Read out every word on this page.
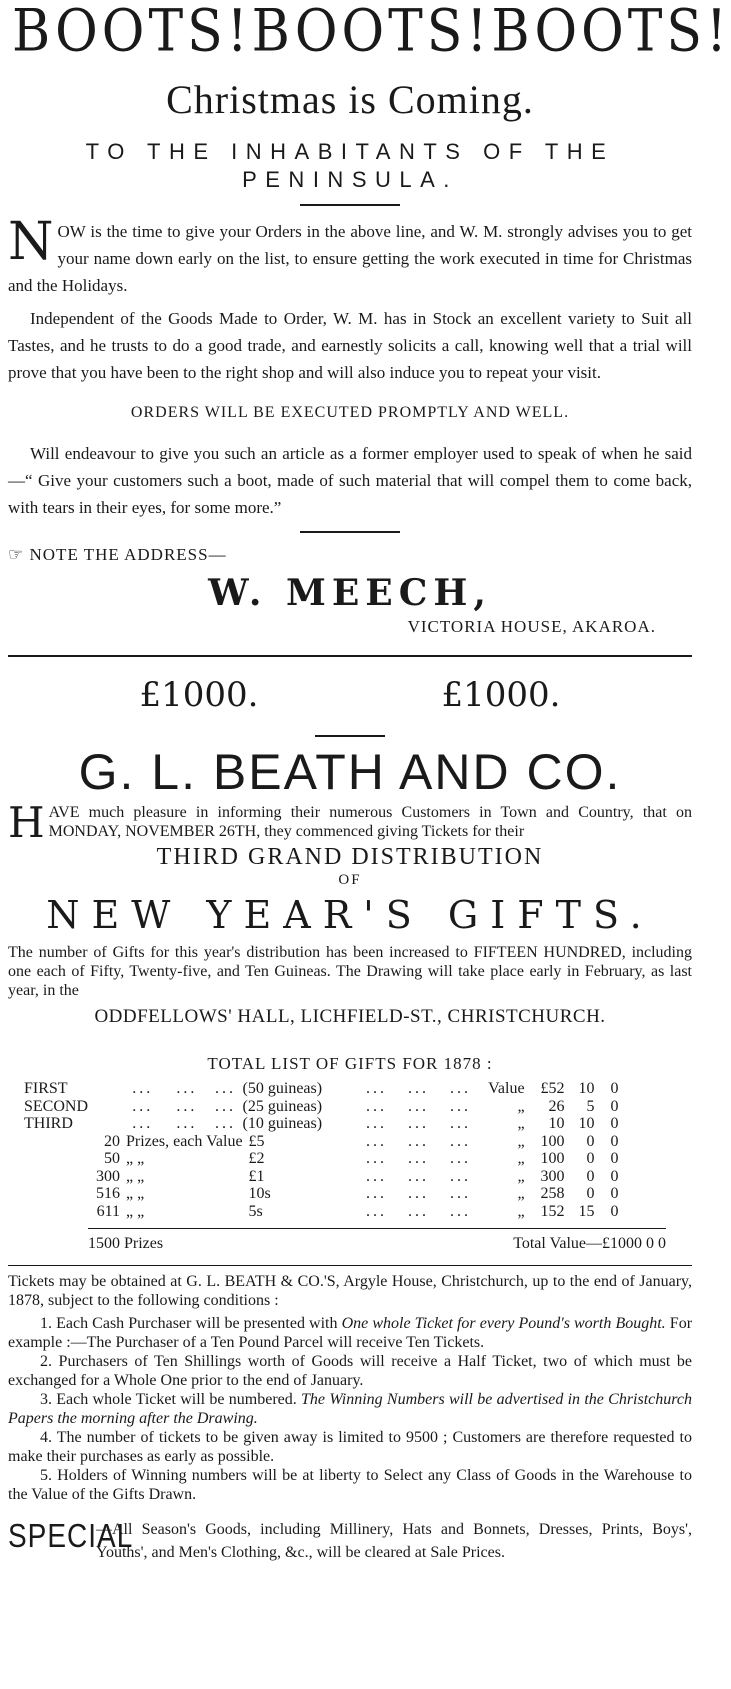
BOOTS! BOOTS! BOOTS!
Christmas is Coming.
TO THE INHABITANTS OF THE PENINSULA.

N OW is the time to give your Orders in the above line, and W. M. strongly advises you to get your name down early on the list, to ensure getting the work executed in time for Christmas and the Holidays.

Independent of the Goods Made to Order, W. M. has in Stock an excellent variety to Suit all Tastes, and he trusts to do a good trade, and earnestly solicits a call, knowing well that a trial will prove that you have been to the right shop and will also induce you to repeat your visit.

ORDERS WILL BE EXECUTED PROMPTLY AND WELL.

Will endeavour to give you such an article as a former employer used to speak of when he said—“ Give your customers such a boot, made of such material that will compel them to come back, with tears in their eyes, for some more.”

☞ NOTE THE ADDRESS—
W. MEECH,
VICTORIA HOUSE, AKAROA.
£1000.	£1000.
G. L. BEATH AND CO.

H AVE much pleasure in informing their numerous Customers in Town and Country, that on MONDAY, NOVEMBER 26TH, they commenced giving Tickets for their

THIRD GRAND DISTRIBUTION
OF
NEW YEAR'S GIFTS.

The number of Gifts for this year's distribution has been increased to FIFTEEN HUNDRED, including one each of Fifty, Twenty-five, and Ten Guineas. The Drawing will take place early in February, as last year, in the

ODDFELLOWS' HALL, LICHFIELD-ST., CHRISTCHURCH.
TOTAL LIST OF GIFTS FOR 1878 :
FIRST	...	...	...	(50 guineas)	...	...	...	Value	£52	10	0
SECOND	...	...	...	(25 guineas)	...	...	...	„	26	5	0
THIRD	...	...	...	(10 guineas)	...	...	...	„	10	10	0
20	Prizes, each Value			£5	...	...	...	„	100	0	0
50	„ „			£2	...	...	...	„	100	0	0
300	„ „			£1	...	...	...	„	300	0	0
516	„ „			10s	...	...	...	„	258	0	0
611	„ „			5s	...	...	...	„	152	15	0
1500 Prizes	Total Value—£1000 0 0

Tickets may be obtained at G. L. BEATH & CO.'S, Argyle House, Christchurch, up to the end of January, 1878, subject to the following conditions :

1. Each Cash Purchaser will be presented with One whole Ticket for every Pound's worth Bought. For example :—The Purchaser of a Ten Pound Parcel will receive Ten Tickets.

2. Purchasers of Ten Shillings worth of Goods will receive a Half Ticket, two of which must be exchanged for a Whole One prior to the end of January.

3. Each whole Ticket will be numbered. The Winning Numbers will be advertised in the Christchurch Papers the morning after the Drawing.

4. The number of tickets to be given away is limited to 9500 ; Customers are therefore requested to make their purchases as early as possible.

5. Holders of Winning numbers will be at liberty to Select any Class of Goods in the Warehouse to the Value of the Gifts Drawn.

SPECIAL

—All Season's Goods, including Millinery, Hats and Bonnets, Dresses, Prints, Boys', Youths', and Men's Clothing, &c., will be cleared at Sale Prices.
